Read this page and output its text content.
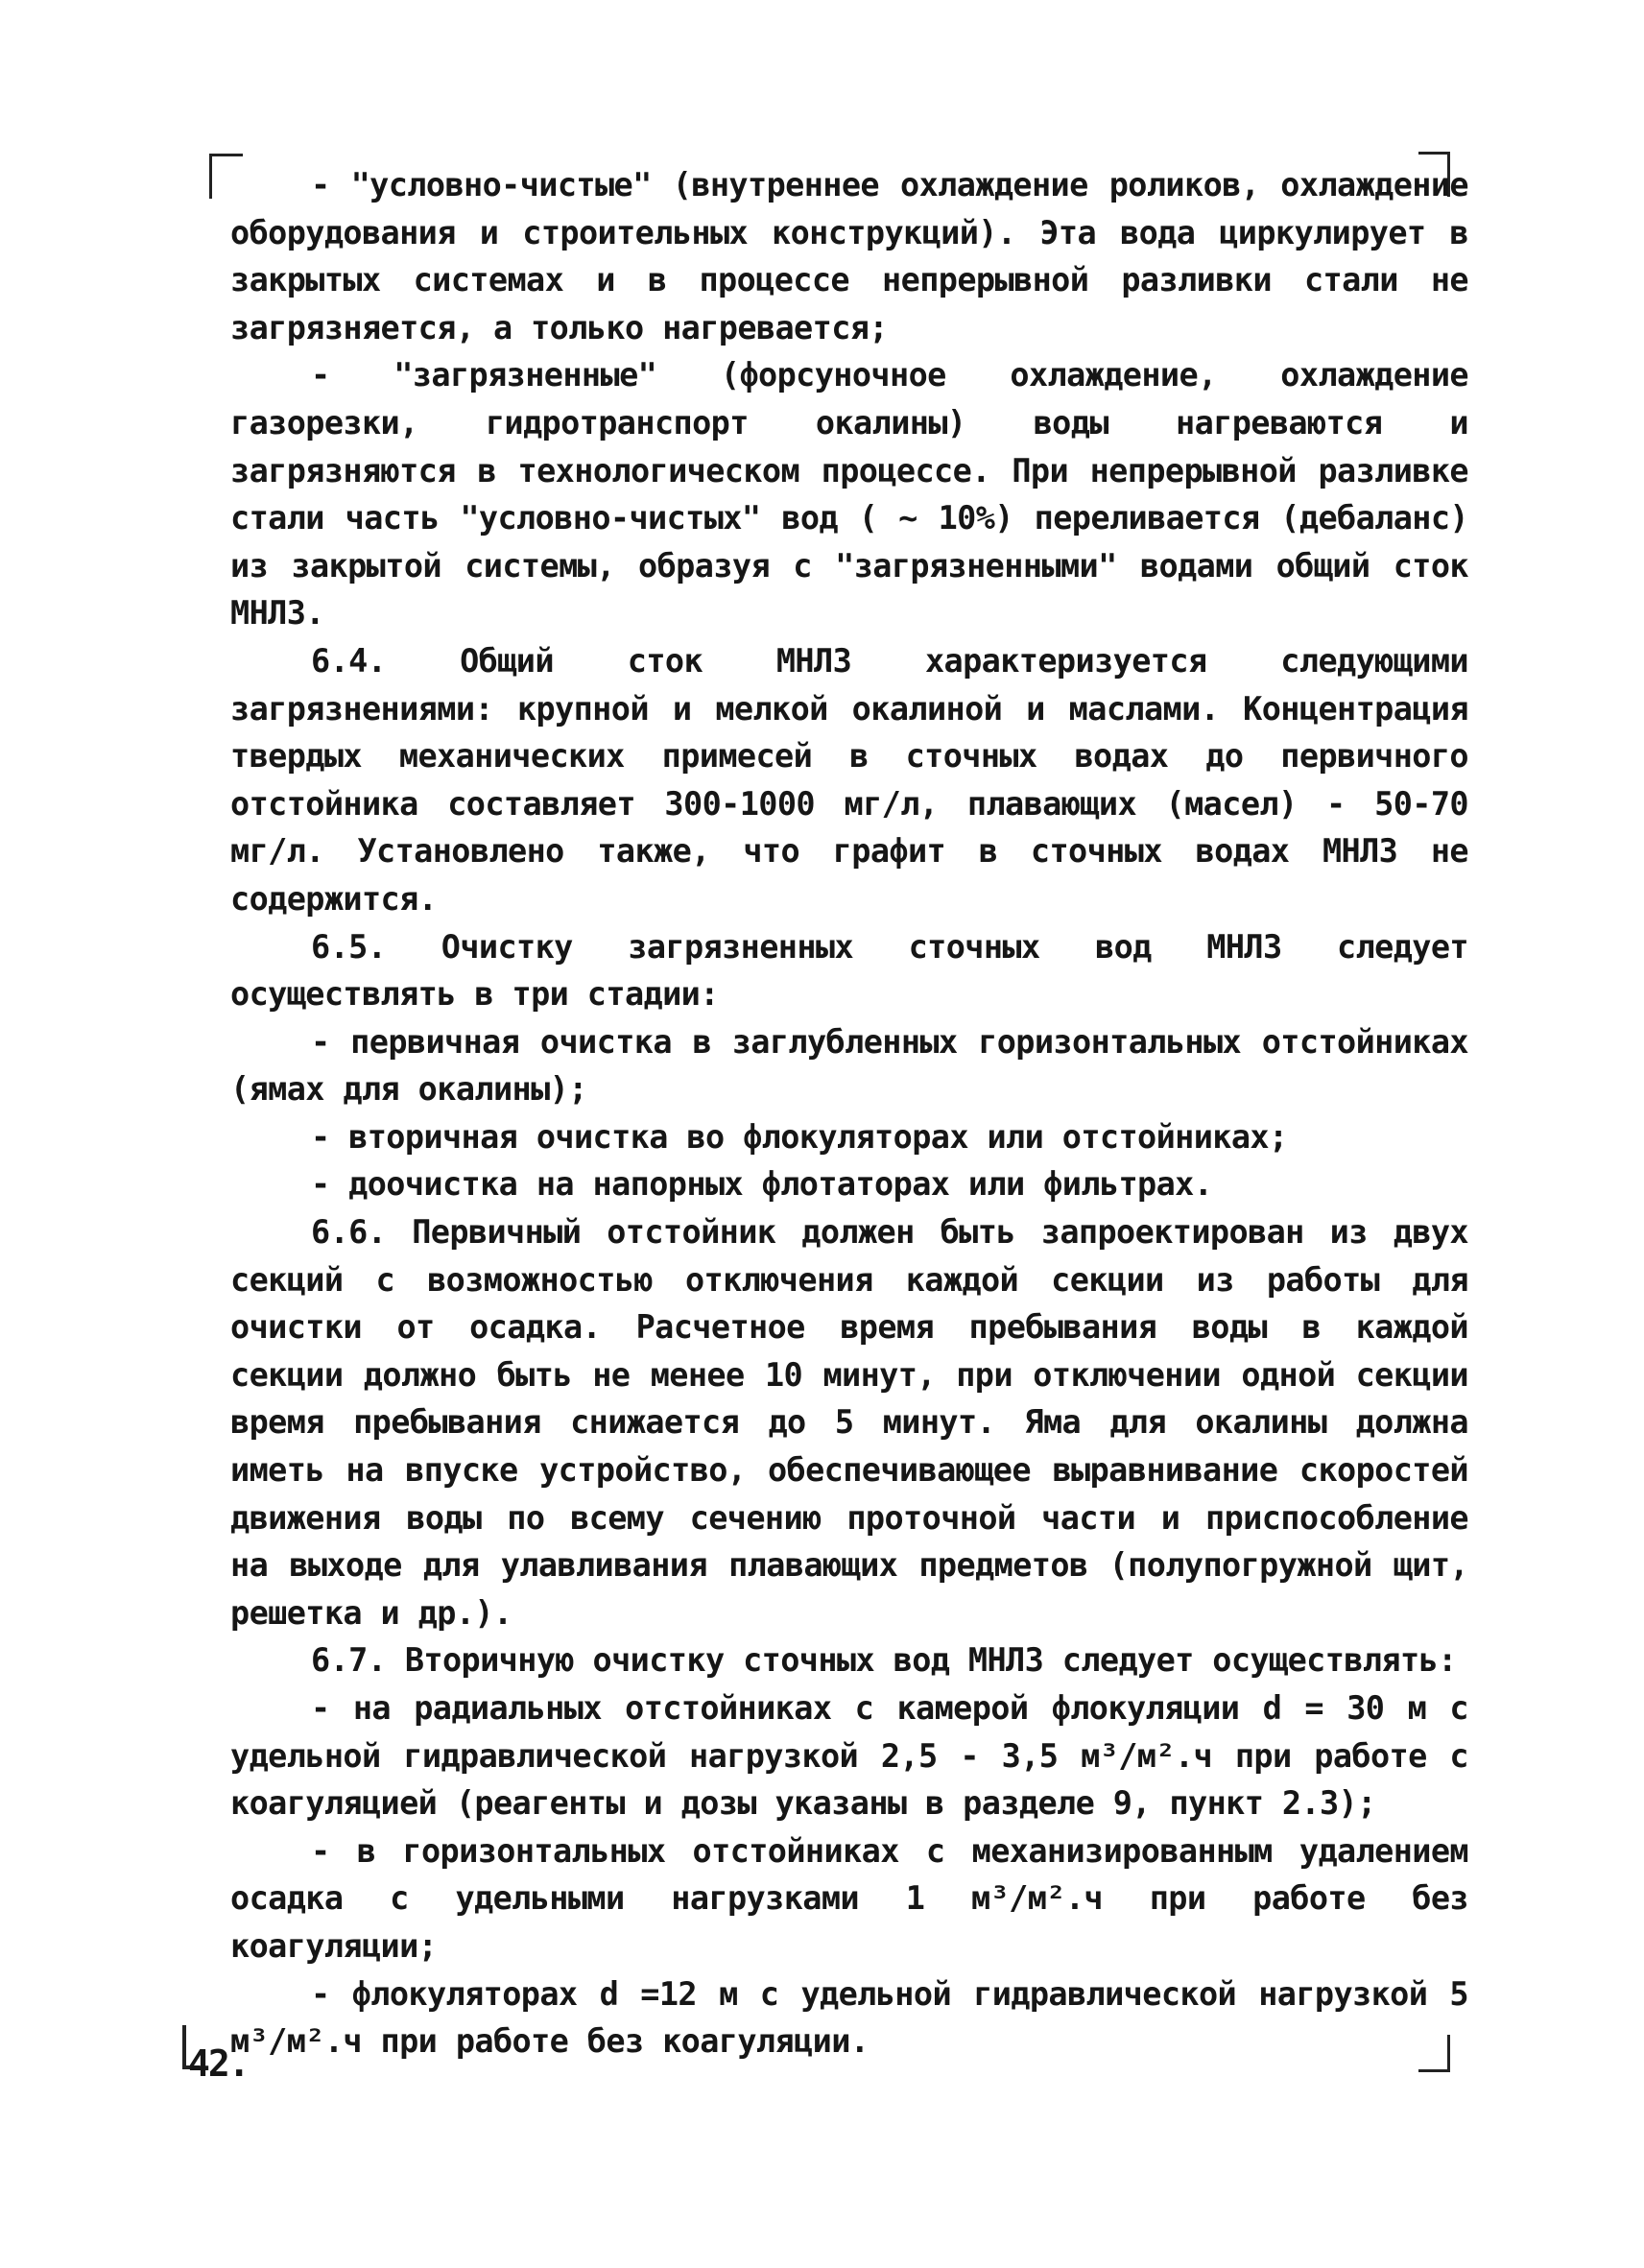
- "условно-чистые" (внутреннее охлаждение роликов, охлаждение оборудования и строительных конструкций). Эта вода циркулирует в закрытых системах и в процессе непрерывной разливки стали не загрязняется, а только нагревается;

- "загрязненные" (форсуночное охлаждение, охлаждение газорезки, гидротранспорт окалины) воды нагреваются и загрязняются в технологическом процессе. При непрерывной разливке стали часть "условно-чистых" вод ( ~ 10%) переливается (дебаланс) из закрытой системы, образуя с "загрязненными" водами общий сток МНЛЗ.

6.4. Общий сток МНЛЗ характеризуется следующими загрязнениями: крупной и мелкой окалиной и маслами. Концентрация твердых механических примесей в сточных водах до первичного отстойника составляет 300-1000 мг/л, плавающих (масел) - 50-70 мг/л. Установлено также, что графит в сточных водах МНЛЗ не содержится.

6.5. Очистку загрязненных сточных вод МНЛЗ следует осуществлять в три стадии:

- первичная очистка в заглубленных горизонтальных отстойниках (ямах для окалины);

- вторичная очистка во флокуляторах или отстойниках;

- доочистка на напорных флотаторах или фильтрах.

6.6. Первичный отстойник должен быть запроектирован из двух секций с возможностью отключения каждой секции из работы для очистки от осадка. Расчетное время пребывания воды в каждой секции должно быть не менее 10 минут, при отключении одной секции время пребывания снижается до 5 минут. Яма для окалины должна иметь на впуске устройство, обеспечивающее выравнивание скоростей движения воды по всему сечению проточной части и приспособление на выходе для улавливания плавающих предметов (полупогружной щит, решетка и др.).

6.7. Вторичную очистку сточных вод МНЛЗ следует осуществлять:

- на радиальных отстойниках с камерой флокуляции d = 30 м с удельной гидравлической нагрузкой 2,5 - 3,5 м³/м².ч при работе с коагуляцией (реагенты и дозы указаны в разделе 9, пункт 2.3);

- в горизонтальных отстойниках с механизированным удалением осадка с удельными нагрузками 1 м³/м².ч при работе без коагуляции;

- флокуляторах d =12 м с удельной гидравлической нагрузкой 5 м³/м².ч при работе без коагуляции.

42.
